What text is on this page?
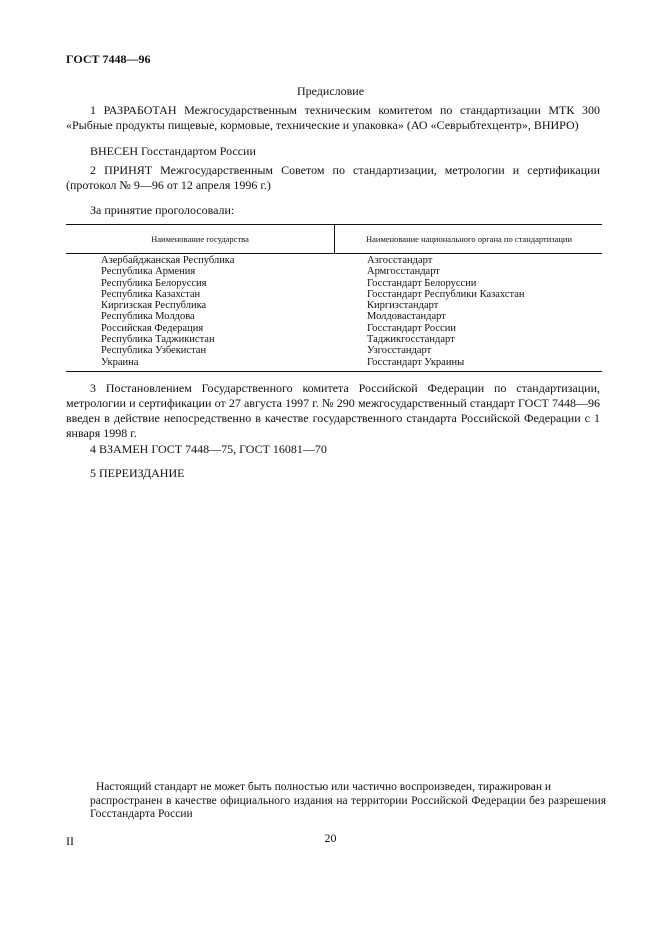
ГОСТ 7448—96
Предисловие
1 РАЗРАБОТАН Межгосударственным техническим комитетом по стандартизации МТК 300 «Рыбные продукты пищевые, кормовые, технические и упаковка» (АО «Севрыбтехцентр», ВНИРО)
ВНЕСЕН Госстандартом России
2 ПРИНЯТ Межгосударственным Советом по стандартизации, метрологии и сертификации (протокол № 9—96 от 12 апреля 1996 г.)
За принятие проголосовали:
Наименование государства	Наименование национального органа по стандартизации
Азербайджанская Республика
Республика Армения
Республика Белоруссия
Республика Казахстан
Киргизская Республика
Республика Молдова
Российская Федерация
Республика Таджикистан
Республика Узбекистан
Украина
Азгосстандарт
Армгосстандарт
Госстандарт Белоруссии
Госстандарт Республики Казахстан
Киргизстандарт
Молдовастандарт
Госстандарт России
Таджикгосстандарт
Узгосстандарт
Госстандарт Украины
3 Постановлением Государственного комитета Российской Федерации по стандартизации, метрологии и сертификации от 27 августа 1997 г. № 290 межгосударственный стандарт ГОСТ 7448—96 введен в действие непосредственно в качестве государственного стандарта Российской Федерации с 1 января 1998 г.
4 ВЗАМЕН ГОСТ 7448—75, ГОСТ 16081—70
5 ПЕРЕИЗДАНИЕ
Настоящий стандарт не может быть полностью или частично воспроизведен, тиражирован и
распространен в качестве официального издания на территории Российской Федерации без разрешения Госстандарта России
II	20
